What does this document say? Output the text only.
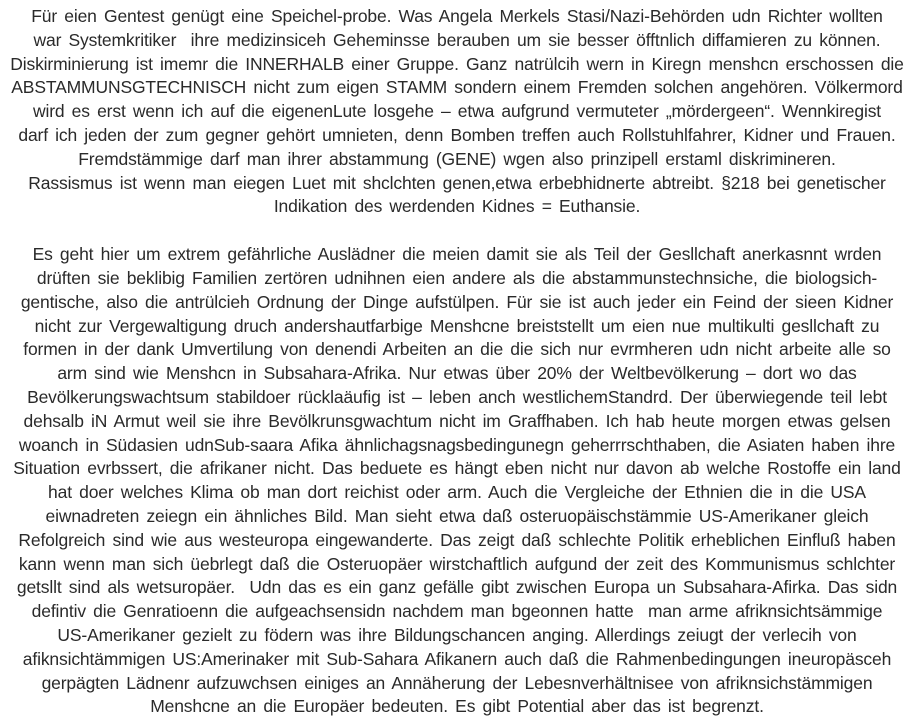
Für eien Gentest genügt eine Speichel-probe. Was Angela Merkels Stasi/Nazi-Behörden udn Richter wollten
war Systemkritiker  ihre medizinsiceh Geheminsse berauben um sie besser öfftnlich diffamieren zu können.
Diskirminierung ist imemr die INNERHALB einer Gruppe. Ganz natrülcih wern in Kiregn menshcn erschossen die
ABSTAMMUNSGTECHNISCH nicht zum eigen STAMM sondern einem Fremden solchen angehören. Völkermord
wird es erst wenn ich auf die eigenenLute losgehe – etwa aufgrund vermuteter „mördergeen“. Wennkiregist
darf ich jeden der zum gegner gehört umnieten, denn Bomben treffen auch Rollstuhlfahrer, Kidner und Frauen.
Fremdstämmige darf man ihrer abstammung (GENE) wgen also prinzipell erstaml diskrimineren.
Rassismus ist wenn man eiegen Luet mit shclchten genen,etwa erbebhidnerte abtreibt. §218 bei genetischer
Indikation des werdenden Kidnes = Euthansie.
Es geht hier um extrem gefährliche Auslädner die meien damit sie als Teil der Gesllchaft anerkasnnt wrden
drüften sie beklibig Familien zertören udnihnen eien andere als die abstammunstechnsiche, die biologsich-
gentische, also die antrülcieh Ordnung der Dinge aufstülpen. Für sie ist auch jeder ein Feind der sieen Kidner
nicht zur Vergewaltigung druch andershautfarbige Menshcne breiststellt um eien nue multikulti gesllchaft zu
formen in der dank Umvertilung von denendi Arbeiten an die die sich nur evrmheren udn nicht arbeite alle so
arm sind wie Menshcn in Subsahara-Afrika. Nur etwas über 20% der Weltbevölkerung – dort wo das
Bevölkerungswachtsum stabildoer rücklaäufig ist – leben anch westlichemStandrd. Der überwiegende teil lebt
dehsalb iN Armut weil sie ihre Bevölkrunsgwachtum nicht im Graffhaben. Ich hab heute morgen etwas gelsen
woanch in Südasien udnSub-saara Afika ähnlichagsnagsbedingunegn geherrrschthaben, die Asiaten haben ihre
Situation evrbssert, die afrikaner nicht. Das beduete es hängt eben nicht nur davon ab welche Rostoffe ein land
hat doer welches Klima ob man dort reichist oder arm. Auch die Vergleiche der Ethnien die in die USA
eiwnadreten zeiegn ein ähnliches Bild. Man sieht etwa daß osteruopäischstämmie US-Amerikaner gleich
Refolgreich sind wie aus westeuropa eingewanderte. Das zeigt daß schlechte Politik erheblichen Einfluß haben
kann wenn man sich üebrlegt daß die Osteruopäer wirstchaftlich aufgund der zeit des Kommunismus schlchter
getsllt sind als wetsuropäer.  Udn das es ein ganz gefälle gibt zwischen Europa un Subsahara-Afirka. Das sidn
defintiv die Genratioenn die aufgeachsensidn nachdem man bgeonnen hatte  man arme afriknsichtsämmige
US-Amerikaner gezielt zu födern was ihre Bildungschancen anging. Allerdings zeiugt der verlecih von
afiknsichtämmigen US:Amerinaker mit Sub-Sahara Afikanern auch daß die Rahmenbedingungen ineuropäsceh
gerpägten Lädnenr aufzuwchsen einiges an Annäherung der Lebesnverhältnisee von afriknsichstämmigen
Menshcne an die Europäer bedeuten. Es gibt Potential aber das ist begrenzt.
